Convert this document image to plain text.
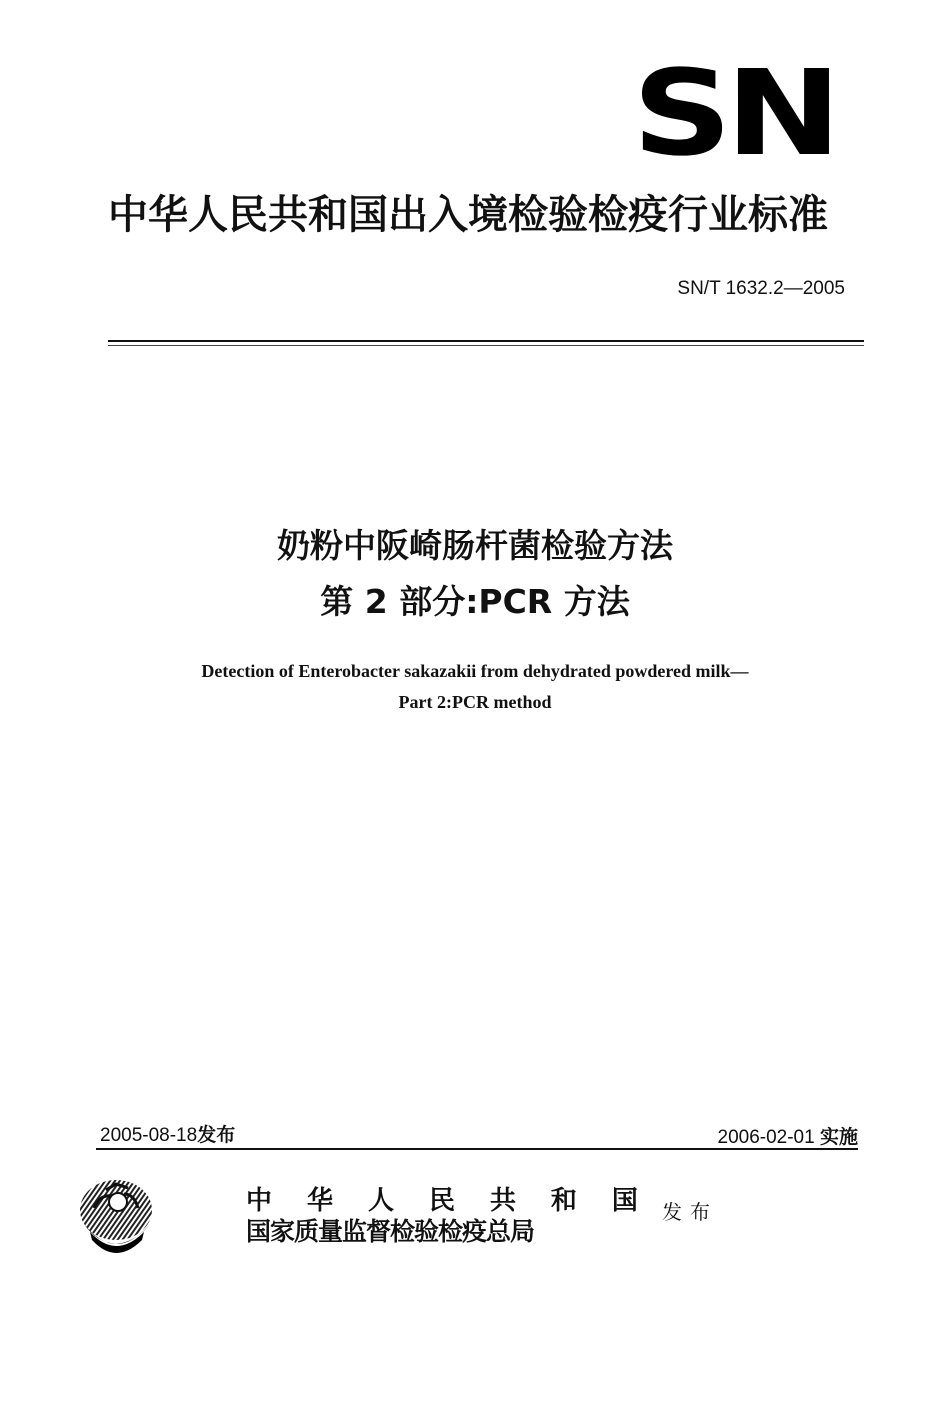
SN
中华人民共和国出入境检验检疫行业标准
SN/T 1632.2—2005
奶粉中阪崎肠杆菌检验方法
第 2 部分:PCR 方法
Detection of Enterobacter sakazakii from dehydrated powdered milk—
Part 2:PCR method
2005-08-18发布	2006-02-01 实施
中 华 人 民 共 和 国
国家质量监督检验检疫总局
发布
